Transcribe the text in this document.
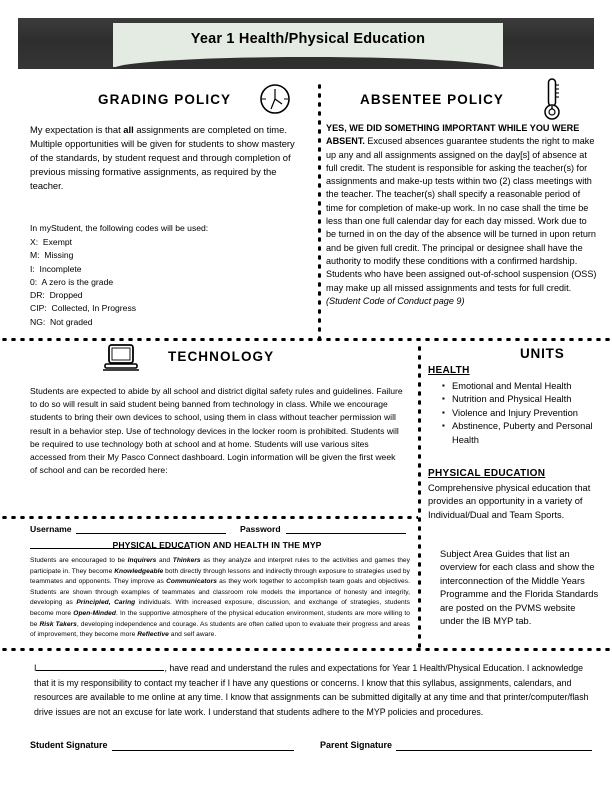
Year 1 Health/Physical Education
GRADING POLICY
My expectation is that all assignments are completed on time. Multiple opportunities will be given for students to show mastery of the standards, by student request and through completion of previous missing formative assignments, as required by the teacher.
In myStudent, the following codes will be used:
X:  Exempt
M:  Missing
I:  Incomplete
0:  A zero is the grade
DR:  Dropped
CIP:  Collected, In Progress
NG:  Not graded
ABSENTEE POLICY
YES, WE DID SOMETHING IMPORTANT WHILE YOU WERE ABSENT. Excused absences guarantee students the right to make up any and all assignments assigned on the day[s] of absence at full credit. The student is responsible for asking the teacher(s) for assignments and make-up tests within two (2) class meetings with the teacher. The teacher(s) shall specify a reasonable period of time for completion of make-up work. In no case shall the time be less than one full calendar day for each day missed. Work due to be turned in on the day of the absence will be turned in upon return and be given full credit. The principal or designee shall have the authority to modify these conditions with a confirmed hardship. Students who have been assigned out-of-school suspension (OSS) may make up all missed assignments and tests for full credit. (Student Code of Conduct page 9)
TECHNOLOGY
Students are expected to abide by all school and district digital safety rules and guidelines. Failure to do so will result in said student being banned from technology in class. While we encourage students to bring their own devices to school, using them in class without teacher permission will result in a behavior step. Use of technology devices in the locker room is prohibited. Students will be required to use technology both at school and at home. Students will use various sites accessed from their My Pasco Connect dashboard. Login information will be given the first week of school and can be recorded here:
Username	Password
UNITS
HEALTH
▪ Emotional and Mental Health
▪ Nutrition and Physical Health
▪ Violence and Injury Prevention
▪ Abstinence, Puberty and Personal Health
PHYSICAL EDUCATION
Comprehensive physical education that provides an opportunity in a variety of Individual/Dual and Team Sports.
Subject Area Guides that list an overview for each class and show the interconnection of the Middle Years Programme and the Florida Standards are posted on the PVMS website under the IB MYP tab.
PHYSICAL EDUCATION AND HEALTH IN THE MYP
Students are encouraged to be Inquirers and Thinkers as they analyze and interpret rules to the activities and games they participate in. They become Knowledgeable both directly through lessons and indirectly through exposure to strategies used by teammates and opponents. They improve as Communicators as they work together to accomplish team goals and objectives. Students are shown through examples of teammates and classroom role models the importance of honesty and integrity, developing as Principled, Caring individuals. With increased exposure, discussion, and exchange of strategies, students become more Open-Minded. In the supportive atmosphere of the physical education environment, students are more willing to be Risk Takers, developing independence and courage. As students are often called upon to evaluate their progress and areas of improvement, they become more Reflective and self aware.
I	, have read and understand the rules and expectations for Year 1 Health/Physical Education. I acknowledge that it is my responsibility to contact my teacher if I have any questions or concerns. I know that this syllabus, assignments, calendars, and resources are available to me online at any time. I know that assignments can be submitted digitally at any time and that printer/computer/flash drive issues are not an excuse for late work. I understand that students adhere to the MYP policies and procedures.
Student Signature	Parent Signature
